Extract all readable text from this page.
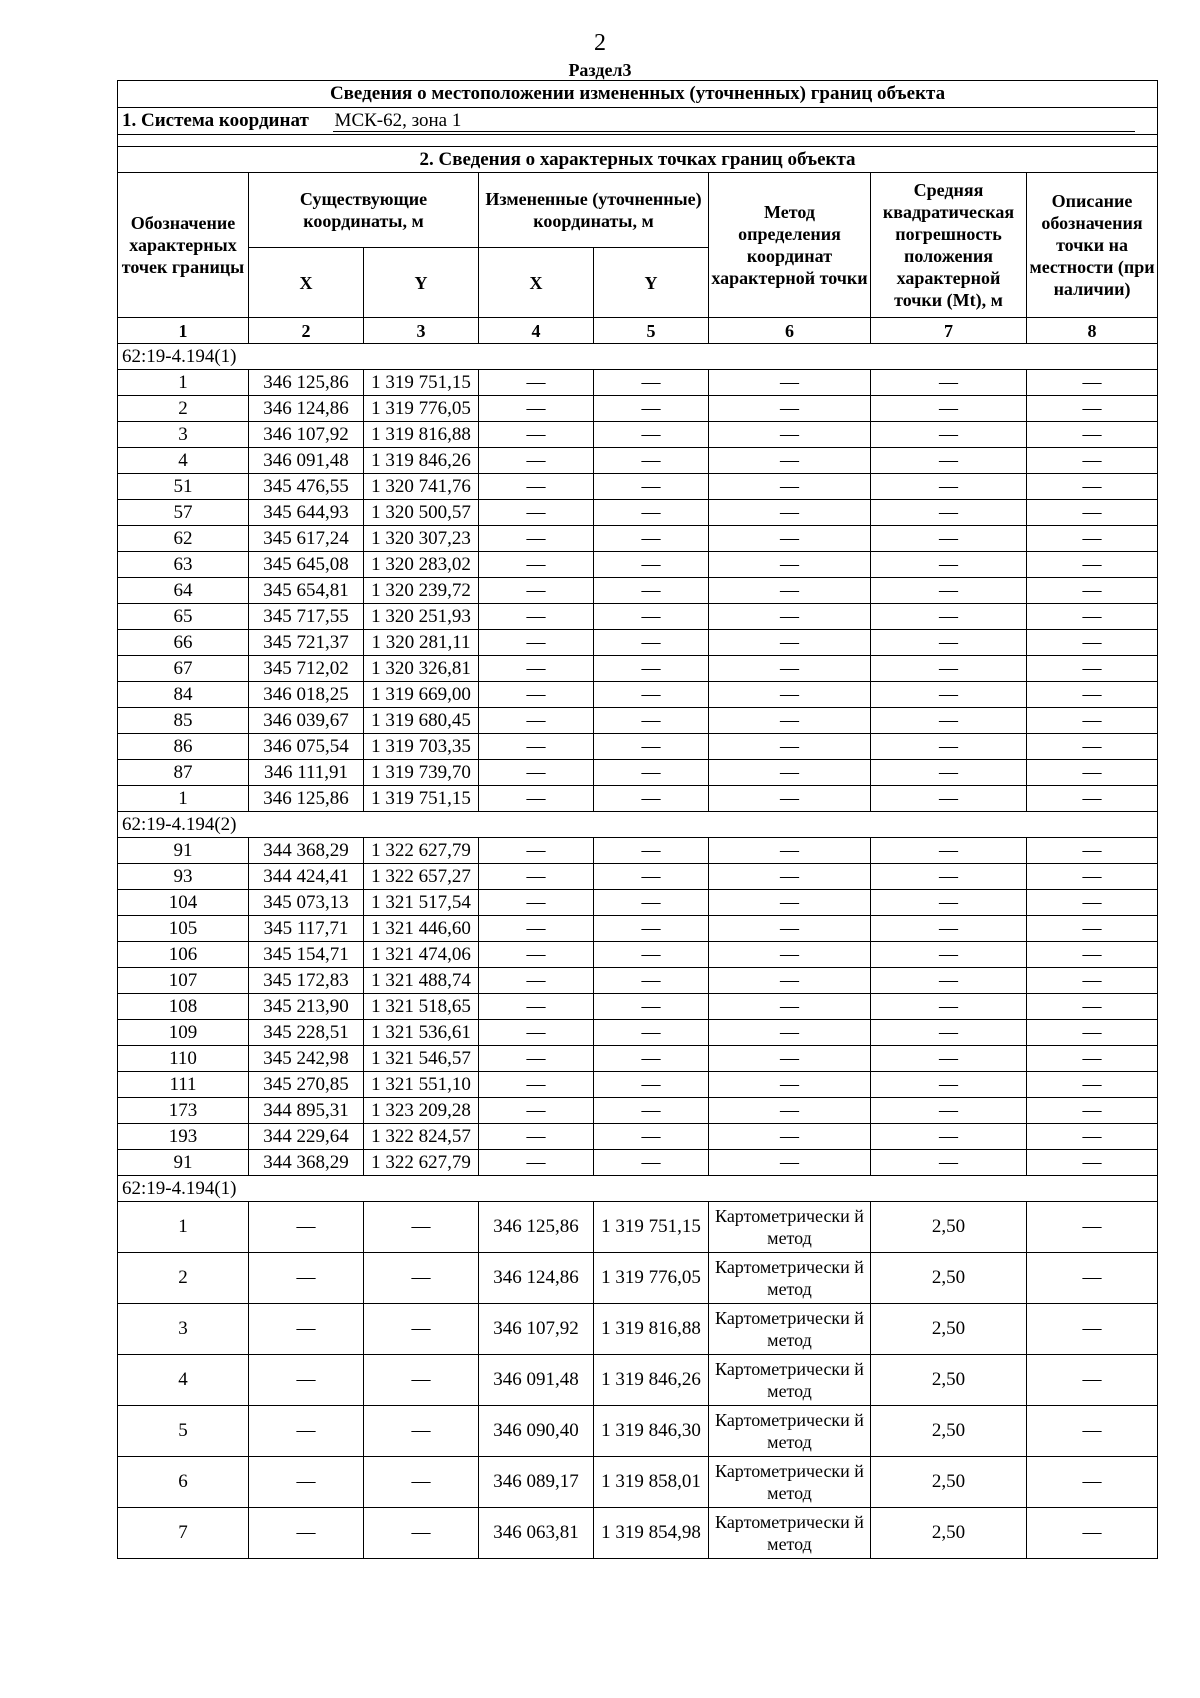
2
Раздел3
Сведения о местоположении измененных (уточненных) границ объекта							
1. Система координат МСК-62, зона 1							

2. Сведения о характерных точках границ объекта							
Обозначение характерных точек границы	Существующие координаты, м		Измененные (уточненные) координаты, м		Метод определения координат характерной точки	Средняя квадратическая погрешность положения характерной точки (Mt), м	Описание обозначения точки на местности (при наличии)
	X	Y	X	Y			
1	2	3	4	5	6	7	8
62:19-4.194(1)							
1	346 125,86	1 319 751,15	—	—	—	—	—
2	346 124,86	1 319 776,05	—	—	—	—	—
3	346 107,92	1 319 816,88	—	—	—	—	—
4	346 091,48	1 319 846,26	—	—	—	—	—
51	345 476,55	1 320 741,76	—	—	—	—	—
57	345 644,93	1 320 500,57	—	—	—	—	—
62	345 617,24	1 320 307,23	—	—	—	—	—
63	345 645,08	1 320 283,02	—	—	—	—	—
64	345 654,81	1 320 239,72	—	—	—	—	—
65	345 717,55	1 320 251,93	—	—	—	—	—
66	345 721,37	1 320 281,11	—	—	—	—	—
67	345 712,02	1 320 326,81	—	—	—	—	—
84	346 018,25	1 319 669,00	—	—	—	—	—
85	346 039,67	1 319 680,45	—	—	—	—	—
86	346 075,54	1 319 703,35	—	—	—	—	—
87	346 111,91	1 319 739,70	—	—	—	—	—
1	346 125,86	1 319 751,15	—	—	—	—	—
62:19-4.194(2)							
91	344 368,29	1 322 627,79	—	—	—	—	—
93	344 424,41	1 322 657,27	—	—	—	—	—
104	345 073,13	1 321 517,54	—	—	—	—	—
105	345 117,71	1 321 446,60	—	—	—	—	—
106	345 154,71	1 321 474,06	—	—	—	—	—
107	345 172,83	1 321 488,74	—	—	—	—	—
108	345 213,90	1 321 518,65	—	—	—	—	—
109	345 228,51	1 321 536,61	—	—	—	—	—
110	345 242,98	1 321 546,57	—	—	—	—	—
111	345 270,85	1 321 551,10	—	—	—	—	—
173	344 895,31	1 323 209,28	—	—	—	—	—
193	344 229,64	1 322 824,57	—	—	—	—	—
91	344 368,29	1 322 627,79	—	—	—	—	—
62:19-4.194(1)							
1	—	—	346 125,86	1 319 751,15	Картометрически й метод	2,50	—
2	—	—	346 124,86	1 319 776,05	Картометрически й метод	2,50	—
3	—	—	346 107,92	1 319 816,88	Картометрически й метод	2,50	—
4	—	—	346 091,48	1 319 846,26	Картометрически й метод	2,50	—
5	—	—	346 090,40	1 319 846,30	Картометрически й метод	2,50	—
6	—	—	346 089,17	1 319 858,01	Картометрически й метод	2,50	—
7	—	—	346 063,81	1 319 854,98	Картометрически й метод	2,50	—
